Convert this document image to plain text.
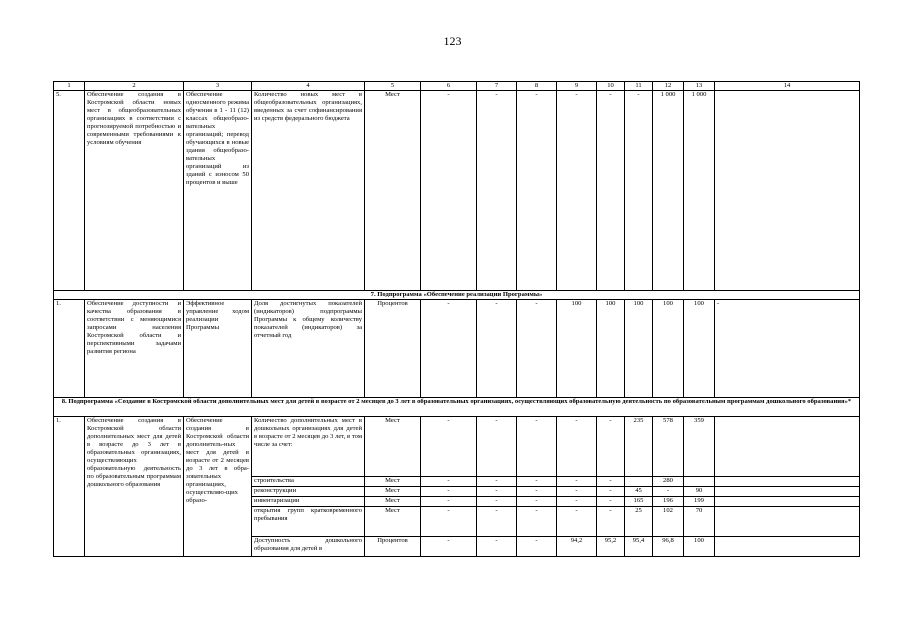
123
1	2	3	4	5	6	7	8	9	10	11	12	13	14
5.	Обеспечение создания в Костромской области новых мест в общеобразовательных организациях в соответствии с прогнозируемой потребностью и современными требованиями к условиям обучения	Обеспечение односменного режима обучения в 1 - 11 (12) классах общеобразо-вательных организаций; перевод обучающихся в новые здания общеобразо-вательных организаций из зданий с износом 50 процентов и выше	Количество новых мест в общеобразовательных организациях, введенных за счет софинансирования из средств федерального бюджета	Мест	-	-	-	-	-	-	1 000	1 000	
7. Подпрограмма «Обеспечение реализации Программы»													
1.	Обеспечение доступности и качества образования в соответствии с меняющимися запросами населения Костромской области и перспективными задачами развития региона	Эффективное управление ходом реализации Программы	Доля достигнутых показателей (индикаторов) подпрограммы Программы к общему количеству показателей (индикаторов) за отчетный год	Процентов	-	-	-	100	100	100	100	100	-
8. Подпрограмма «Создание в Костромской области дополнительных мест для детей в возрасте от 2 месяцев до 3 лет в образовательных организациях, осуществляющих образовательную деятельность по образовательным программам дошкольного образования»*													
1.	Обеспечение создания в Костромской области дополнительных мест для детей в возрасте до 3 лет в образовательных организациях, осуществляющих образовательную деятельность по образовательным программам дошкольного образования	Обеспечение создания в Костромской области дополнитель-ных мест для детей в возрасте от 2 месяцев до 3 лет в обра-зовательных организациях, осуществляю-щих образо-	Количество дополнительных мест в дошкольных организациях для детей в возрасте от 2 месяцев до 3 лет, в том числе за счет:	Мест	-	-	-	-	-	235	578	359	
			строительства	Мест	-	-	-	-	-		280		
			реконструкции	Мест	-	-	-	-	-	45	-	90	
			инвентаризации	Мест	-	-	-	-	-	165	196	199	
			открытия групп кратковременного пребывания	Мест	-	-	-	-	-	25	102	70	
			Доступность дошкольного образования для детей в	Процентов	-	-	-	94,2	95,2	95,4	96,8	100	
